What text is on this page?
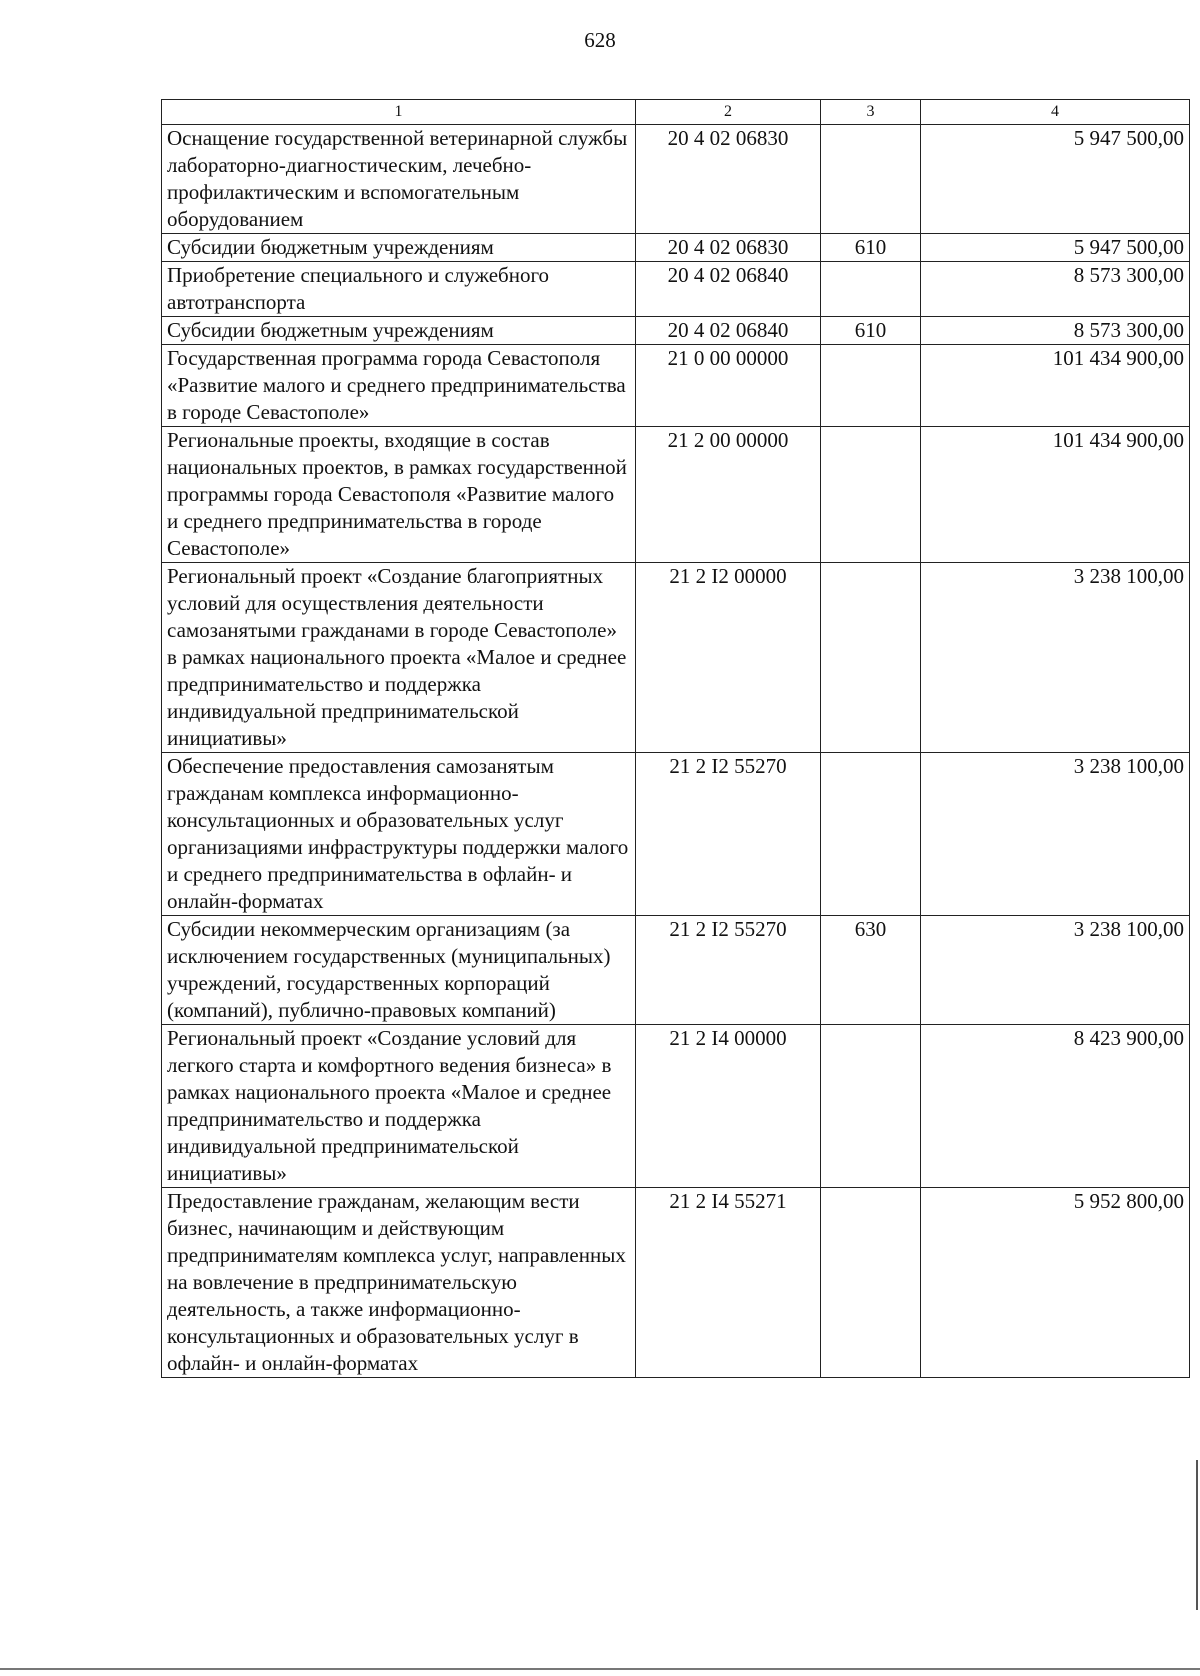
628
1	2	3	4
Оснащение государственной ветеринарной службы лабораторно-диагностическим, лечебно-профилактическим и вспомогательным оборудованием	20 4 02 06830		5 947 500,00
Субсидии бюджетным учреждениям	20 4 02 06830	610	5 947 500,00
Приобретение специального и служебного автотранспорта	20 4 02 06840		8 573 300,00
Субсидии бюджетным учреждениям	20 4 02 06840	610	8 573 300,00
Государственная программа города Севастополя «Развитие малого и среднего предпринимательства в городе Севастополе»	21 0 00 00000		101 434 900,00
Региональные проекты, входящие в состав национальных проектов, в рамках государственной программы города Севастополя «Развитие малого и среднего предпринимательства в городе Севастополе»	21 2 00 00000		101 434 900,00
Региональный проект «Создание благоприятных условий для осуществления деятельности самозанятыми гражданами в городе Севастополе» в рамках национального проекта «Малое и среднее предпринимательство и поддержка индивидуальной предпринимательской инициативы»	21 2 I2 00000		3 238 100,00
Обеспечение предоставления самозанятым гражданам комплекса информационно-консультационных и образовательных услуг организациями инфраструктуры поддержки малого и среднего предпринимательства в офлайн- и онлайн-форматах	21 2 I2 55270		3 238 100,00
Субсидии некоммерческим организациям (за исключением государственных (муниципальных) учреждений, государственных корпораций (компаний), публично-правовых компаний)	21 2 I2 55270	630	3 238 100,00
Региональный проект «Создание условий для легкого старта и комфортного ведения бизнеса» в рамках национального проекта «Малое и среднее предпринимательство и поддержка индивидуальной предпринимательской инициативы»	21 2 I4 00000		8 423 900,00
Предоставление гражданам, желающим вести бизнес, начинающим и действующим предпринимателям комплекса услуг, направленных на вовлечение в предпринимательскую деятельность, а также информационно-консультационных и образовательных услуг в офлайн- и онлайн-форматах	21 2 I4 55271		5 952 800,00
